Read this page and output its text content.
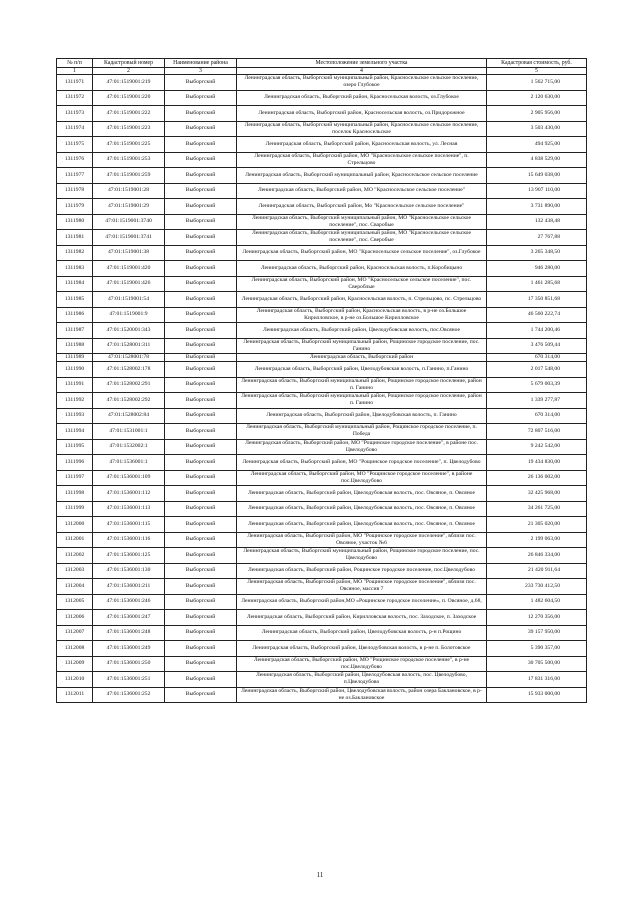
№ п/п	Кадастровый номер	Наименование района	Местоположение земельного участка	Кадастровая стоимость, руб.
1	2	3	4	5
1311971	47:01:1519001:219	Выборгский	Ленинградская область, Выборгский муниципальный район, Красносельское сельское поселение, озеро Глубокое	1 562 715,00
1311972	47:01:1519001:220	Выборгский	Ленинградская область, Выборгский район, Красносельская волость, оз.Глубокое	2 120 630,00
1311973	47:01:1519001:222	Выборгский	Ленинградская область, Выборгский район, Красносельская волость, оз.Придорожное	2 905 956,00
1311974	47:01:1519001:223	Выборгский	Ленинградская область, Выборгский муниципальный район, Красносельское сельское поселение, поселок Красносельское	3 503 430,00
1311975	47:01:1519001:225	Выборгский	Ленинградская область, Выборгский район, Красносельская волость, ул. Лесная	494 925,00
1311976	47:01:1519001:253	Выборгский	Ленинградская область, Выборгский район, МО "Красносельское сельское поселение", п. Стрельцово	4 838 529,00
1311977	47:01:1519001:259	Выборгский	Ленинградская область, Выборгский муниципальный район, Красносельское сельское поселение	15 649 038,00
1311978	47:01:1519001:28	Выборгский	Ленинградская область, Выборгский район, МО "Красносельское сельское поселение"	13 907 110,00
1311979	47:01:1519001:29	Выборгский	Ленинградская область, Выборгский район, Мо "Красносельское сельское поселение"	3 731 890,00
1311980	47:01:1519001:3740	Выборгский	Ленинградская область, Выборгский муниципальный район, МО "Красносельское сельское поселение", пос. Сваробые	132 438,48
1311981	47:01:1519001:3741	Выборгский	Ленинградская область, Выборгский муниципальный район, МО "Красносельское сельское поселение", пос. Сверобые	27 767,88
1311982	47:01:1519001:38	Выборгский	Ленинградская область, Выборгский район, МО "Красносельское сельское поселение", оз.Глубокое	3 265 348,50
1311983	47:01:1519001:420	Выборгский	Ленинградская область, Выборгский район, Красносельская волость, п.Коробицыно	946 280,00
1311984	47:01:1519001:426	Выборгский	Ленинградская область, Выборгский район, МО "Красносельское сельское поселение", пос. Свероблые	1 461 285,68
1311985	47:01:1519001:54	Выборгский	Ленинградская область, Выборгский район, Красносельская волость, п. Стрельцово, пс. Стрельцово	17 350 851,68
1311986	47:01:1519001:9	Выборгский	Ленинградская область, Выборгский район, Красносельская волость, в р-не оз.Большое Кирилловское, в р-не оз.Большое Кирилловское	46 560 222,74
1311987	47:01:1520001:343	Выборгский	Ленинградская область, Выборгский район, Цвелодубовская волость, пос.Овсяное	1 744 200,46
1311988	47:01:1528001:311	Выборгский	Ленинградская область, Выборгский муниципальный район, Рощинское городское поселение, пос. Ганино	3 476 509,44
1311989	47:01:1528001:78	Выборгский	Ленинградская область, Выборгский район	670 314,00
1311990	47:01:1528002:178	Выборгский	Ленинградская область, Выборгский район, Цвелодубовская волость, п.Ганино, п.Ганино	2 017 548,00
1311991	47:01:1528002:291	Выборгский	Ленинградская область, Выборгский муниципальный район, Рощинское городское поселение, район п. Ганино	5 679 003,39
1311992	47:01:1528002:292	Выборгский	Ленинградская область, Выборгский муниципальный район, Рощинское городское поселение, район п. Ганино	1 339 277,87
1311993	47:01:1528002:84	Выборгский	Ленинградская область, Выборгский район, Цвелодубовская волость, п. Ганино	670 314,00
1311994	47:01:1531001:1	Выборгский	Ленинградская область, Выборгский муниципальный район, Рощинское городское поселение, п. Победа	72 807 516,00
1311995	47:01:1532002:1	Выборгский	Ленинградская область, Выборгский район, МО "Рощинское городское поселение", в районе пос. Цвелодубово	9 242 542,00
1311996	47:01:1536001:1	Выборгский	Ленинградская область, Выборгский район, МО "Рощинское городское поселение", п. Цвелодубово	19 434 830,00
1311997	47:01:1536001:109	Выборгский	Ленинградская область, Выборгский район, МО "Рощинское городское поселение", в районе пос.Цвелодубово	26 136 002,00
1311998	47:01:1536001:112	Выборгский	Ленинградская область, Выборгский район, Цвелодубовская волость, пос. Овсяное, п. Овсяное	32 425 968,00
1311999	47:01:1536001:113	Выборгский	Ленинградская область, Выборгский район, Цвелодубовская волость, пос. Овсяное, п. Овсяное	34 261 725,00
1312000	47:01:1536001:115	Выборгский	Ленинградская область, Выборгский район, Цвелодубовская волость, пос. Овсяное, п. Овсяное	21 305 020,00
1312001	47:01:1536001:116	Выборгский	Ленинградская область, Выборгский район, МО "Рощинское городское поселение", вблизи пос. Овсяное, участок №6	2 199 063,00
1312002	47:01:1536001:125	Выборгский	Ленинградская область, Выборгский муниципальный район, Рощинское городское поселение, пос. Цвелодубово	26 846 334,00
1312003	47:01:1536001:130	Выборгский	Ленинградская область, Выборгский район, Рощинское городское поселение, пос.Цвелодубово	21 420 911,64
1312004	47:01:1536001:211	Выборгский	Ленинградская область, Выборгский район, МО "Рощинское городское поселение", вблизи пос. Овсяное, массив 7	233 730 412,50
1312005	47:01:1536001:246	Выборгский	Ленинградская область, Выборгский район,МО «Рощинское городское поселение», п. Овсяное, д.68,	1 482 604,50
1312006	47:01:1536001:247	Выборгский	Ленинградская область, Выборгский район, Кирилловская волость, пос. Заходское, п. Заходское	12 270 356,00
1312007	47:01:1536001:248	Выборгский	Ленинградская область, Выборгский район, Цвелодубовская волость, р-н п.Рощино	39 157 950,00
1312008	47:01:1536001:249	Выборгский	Ленинградская область, Выборгский район, Цвелодубовская волость, в р-не п. Болотовское	5 390 357,00
1312009	47:01:1536001:250	Выборгский	Ленинградская область, Выборгский район, МО "Рощинское городское поселение", в р-не пос.Цвелодубово	30 705 500,00
1312010	47:01:1536001:251	Выборгский	Ленинградская область, Выборгский район, Цвелодубовская волость, пос. Цвелодубово, п.Цвелодубово	17 831 316,00
1312011	47:01:1536001:252	Выборгский	Ленинградская область, Выборгский район, Цвелодубовская волость, район озера Баклановское, в р-не оз.Баклановское	15 933 000,00
11
